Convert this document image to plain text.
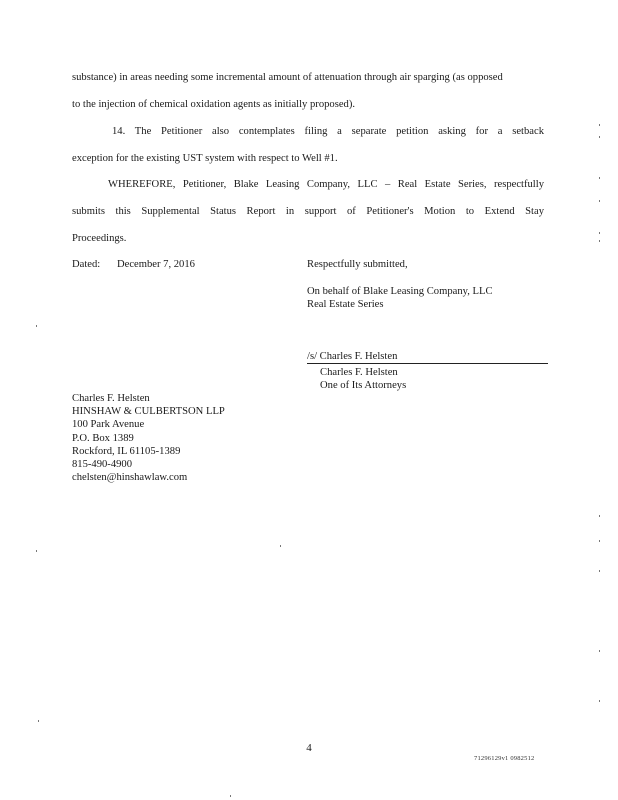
substance) in areas needing some incremental amount of attenuation through air sparging (as opposed
to the injection of chemical oxidation agents as initially proposed).
14. The Petitioner also contemplates filing a separate petition asking for a setback
exception for the existing UST system with respect to Well #1.
WHEREFORE, Petitioner, Blake Leasing Company, LLC – Real Estate Series, respectfully
submits this Supplemental Status Report in support of Petitioner's Motion to Extend Stay
Proceedings.
Dated: December 7, 2016	Respectfully submitted,
On behalf of Blake Leasing Company, LLC
Real Estate Series
/s/ Charles F. Helsten
Charles F. Helsten
One of Its Attorneys
Charles F. Helsten
HINSHAW & CULBERTSON LLP
100 Park Avenue
P.O. Box 1389
Rockford, IL 61105-1389
815-490-4900
chelsten@hinshawlaw.com
4
71296129v1 0982512
